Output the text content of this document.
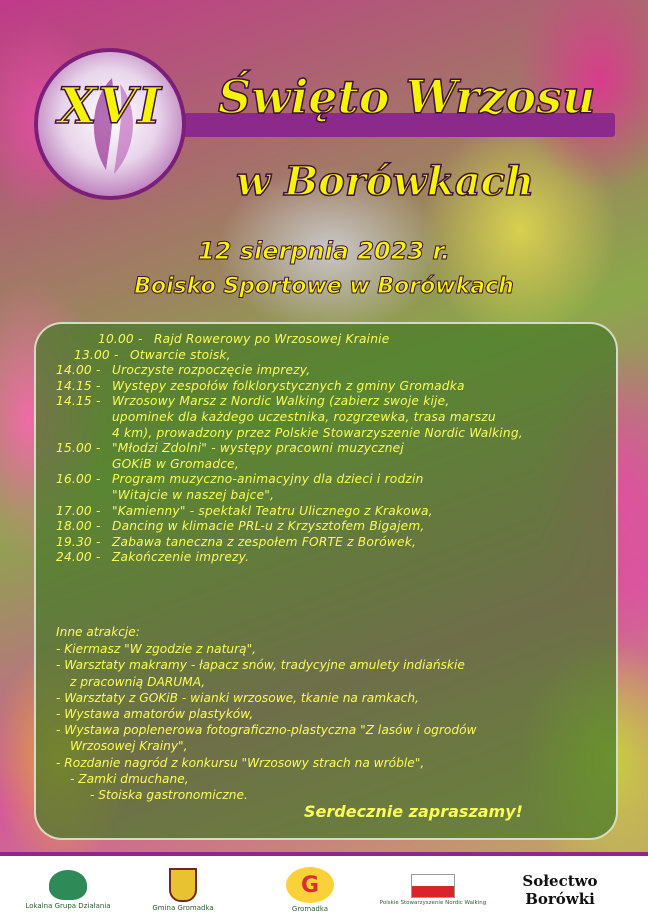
XVI Święto Wrzosu
w Borówkach
12 sierpnia 2023 r.
Boisko Sportowe w Borówkach
10.00 - Rajd Rowerowy po Wrzosowej Krainie
13.00 - Otwarcie stoisk,
14.00 - Uroczyste rozpoczęcie imprezy,
14.15 - Występy zespołów folklorystycznych z gminy Gromadka
14.15 - Wrzosowy Marsz z Nordic Walking (zabierz swoje kije,
upominek dla każdego uczestnika, rozgrzewka, trasa marszu
4 km), prowadzony przez Polskie Stowarzyszenie Nordic Walking,
15.00 - "Młodzi Zdolni" - występy pracowni muzycznej
GOKiB w Gromadce,
16.00 - Program muzyczno-animacyjny dla dzieci i rodzin
"Witajcie w naszej bajce",
17.00 - "Kamienny" - spektakl Teatru Ulicznego z Krakowa,
18.00 - Dancing w klimacie PRL-u z Krzysztofem Bigajem,
19.30 - Zabawa taneczna z zespołem FORTE z Borówek,
24.00 - Zakończenie imprezy.
Inne atrakcje:
- Kiermasz "W zgodzie z naturą",
- Warsztaty makramy - łapacz snów, tradycyjne amulety indiańskie
z pracownią DARUMA,
- Warsztaty z GOKiB - wianki wrzosowe, tkanie na ramkach,
- Wystawa amatorów plastyków,
- Wystawa poplenerowa fotograficzno-plastyczna "Z lasów i ogrodów
Wrzosowej Krainy",
- Rozdanie nagród z konkursu "Wrzosowy strach na wróble",
- Zamki dmuchane,
- Stoiska gastronomiczne.
Serdecznie zapraszamy!
Lokalna Grupa Działania	Gmina Gromadka
G
Gromadka
Polskie Stowarzyszenie Nordic Walking
Sołectwo
Borówki
